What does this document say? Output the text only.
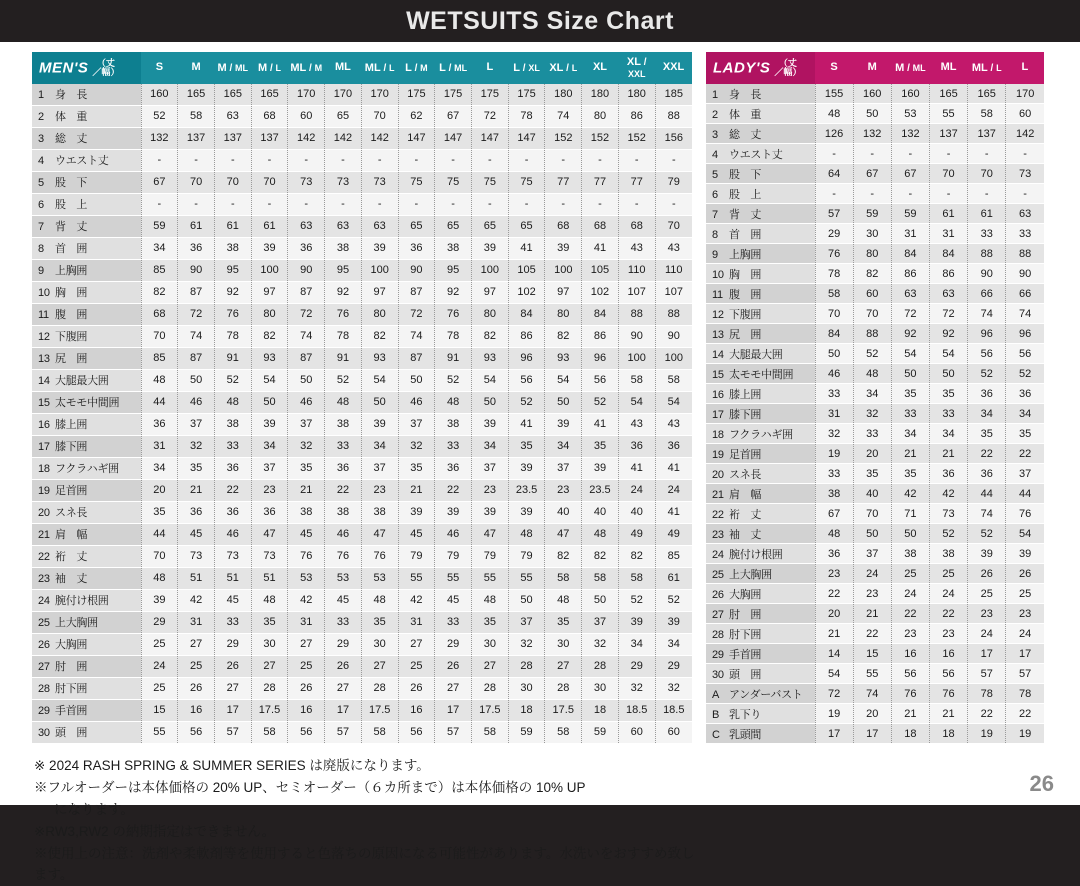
WETSUITS Size Chart
MEN'S （丈
／幅）	S	M	M / ML	M / L	ML / M	ML	ML / L	L / M	L / ML	L	L / XL	XL / L	XL	XL / XXL	XXL

1 身　長	160	165	165	165	170	170	170	175	175	175	175	180	180	180	185
2 体　重	52	58	63	68	60	65	70	62	67	72	78	74	80	86	88
3 総　丈	132	137	137	137	142	142	142	147	147	147	147	152	152	152	156
4 ウエスト丈	-	-	-	-	-	-	-	-	-	-	-	-	-	-	-
5 股　下	67	70	70	70	73	73	73	75	75	75	75	77	77	77	79
6 股　上	-	-	-	-	-	-	-	-	-	-	-	-	-	-	-
7 背　丈	59	61	61	61	63	63	63	65	65	65	65	68	68	68	70
8 首　囲	34	36	38	39	36	38	39	36	38	39	41	39	41	43	43
9 上胸囲	85	90	95	100	90	95	100	90	95	100	105	100	105	110	110
10 胸　囲	82	87	92	97	87	92	97	87	92	97	102	97	102	107	107
11 腹　囲	68	72	76	80	72	76	80	72	76	80	84	80	84	88	88
12 下腹囲	70	74	78	82	74	78	82	74	78	82	86	82	86	90	90
13 尻　囲	85	87	91	93	87	91	93	87	91	93	96	93	96	100	100
14 大腿最大囲	48	50	52	54	50	52	54	50	52	54	56	54	56	58	58
15 太モモ中間囲	44	46	48	50	46	48	50	46	48	50	52	50	52	54	54
16 膝上囲	36	37	38	39	37	38	39	37	38	39	41	39	41	43	43
17 膝下囲	31	32	33	34	32	33	34	32	33	34	35	34	35	36	36
18 フクラハギ囲	34	35	36	37	35	36	37	35	36	37	39	37	39	41	41
19 足首囲	20	21	22	23	21	22	23	21	22	23	23.5	23	23.5	24	24
20 スネ長	35	36	36	36	38	38	38	39	39	39	39	40	40	40	41
21 肩　幅	44	45	46	47	45	46	47	45	46	47	48	47	48	49	49
22 裄　丈	70	73	73	73	76	76	76	79	79	79	79	82	82	82	85
23 袖　丈	48	51	51	51	53	53	53	55	55	55	55	58	58	58	61
24 腕付け根囲	39	42	45	48	42	45	48	42	45	48	50	48	50	52	52
25 上大胸囲	29	31	33	35	31	33	35	31	33	35	37	35	37	39	39
26 大胸囲	25	27	29	30	27	29	30	27	29	30	32	30	32	34	34
27 肘　囲	24	25	26	27	25	26	27	25	26	27	28	27	28	29	29
28 肘下囲	25	26	27	28	26	27	28	26	27	28	30	28	30	32	32
29 手首囲	15	16	17	17.5	16	17	17.5	16	17	17.5	18	17.5	18	18.5	18.5
30 頭　囲	55	56	57	58	56	57	58	56	57	58	59	58	59	60	60
LADY'S （丈
／幅）	S	M	M / ML	ML	ML / L	L

1 身　長	155	160	160	165	165	170
2 体　重	48	50	53	55	58	60
3 総　丈	126	132	132	137	137	142
4 ウエスト丈	-	-	-	-	-	-
5 股　下	64	67	67	70	70	73
6 股　上	-	-	-	-	-	-
7 背　丈	57	59	59	61	61	63
8 首　囲	29	30	31	31	33	33
9 上胸囲	76	80	84	84	88	88
10 胸　囲	78	82	86	86	90	90
11 腹　囲	58	60	63	63	66	66
12 下腹囲	70	70	72	72	74	74
13 尻　囲	84	88	92	92	96	96
14 大腿最大囲	50	52	54	54	56	56
15 太モモ中間囲	46	48	50	50	52	52
16 膝上囲	33	34	35	35	36	36
17 膝下囲	31	32	33	33	34	34
18 フクラハギ囲	32	33	34	34	35	35
19 足首囲	19	20	21	21	22	22
20 スネ長	33	35	35	36	36	37
21 肩　幅	38	40	42	42	44	44
22 裄　丈	67	70	71	73	74	76
23 袖　丈	48	50	50	52	52	54
24 腕付け根囲	36	37	38	38	39	39
25 上大胸囲	23	24	25	25	26	26
26 大胸囲	22	23	24	24	25	25
27 肘　囲	20	21	22	22	23	23
28 肘下囲	21	22	23	23	24	24
29 手首囲	14	15	16	16	17	17
30 頭　囲	54	55	56	56	57	57
A アンダーバスト	72	74	76	76	78	78
B 乳下り	19	20	21	21	22	22
C 乳頭間	17	17	18	18	19	19
※ 2024 RASH SPRING & SUMMER SERIES は廃版になります。
※フルオーダーは本体価格の 20% UP、セミオーダー（６カ所まで）は本体価格の 10% UP
になります。
※RW3,RW2 の納期指定はできません。
※使用上の注意：洗剤や柔軟剤等を使用すると色落ちの原因になる可能性があります。水洗いをおすすめ致します。
26
